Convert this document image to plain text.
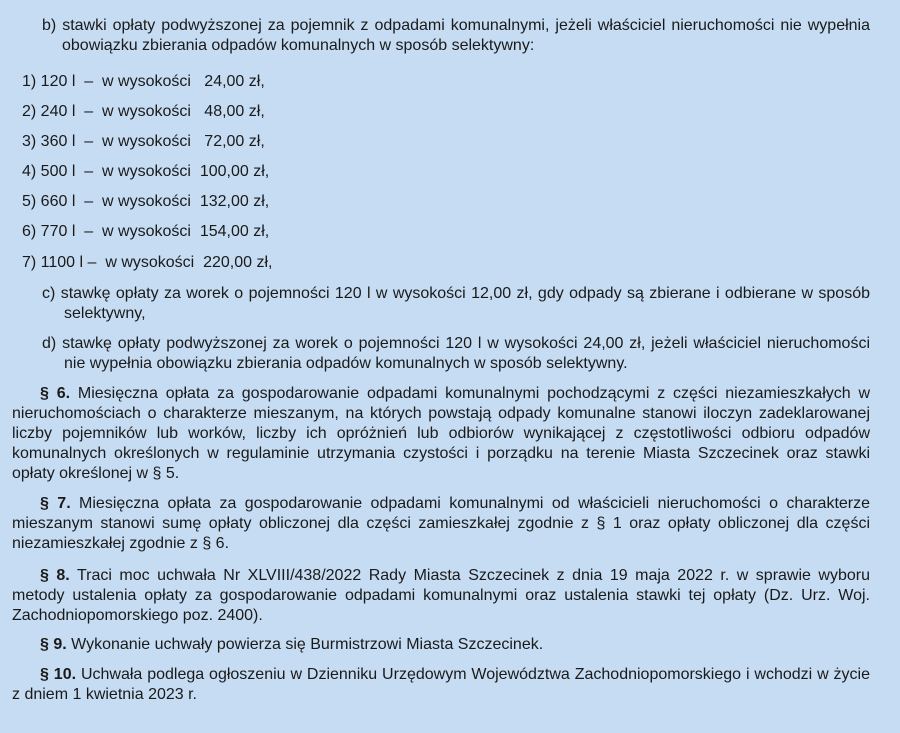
b) stawki opłaty podwyższonej za pojemnik z odpadami komunalnymi, jeżeli właściciel nieruchomości nie wypełnia obowiązku zbierania odpadów komunalnych w sposób selektywny:
1) 120 l  –  w wysokości   24,00 zł,
2) 240 l  –  w wysokości   48,00 zł,
3) 360 l  –  w wysokości   72,00 zł,
4) 500 l  –  w wysokości  100,00 zł,
5) 660 l  –  w wysokości  132,00 zł,
6) 770 l  –  w wysokości  154,00 zł,
7) 1100 l –  w wysokości  220,00 zł,
c) stawkę opłaty za worek o pojemności 120 l w wysokości 12,00 zł, gdy odpady są zbierane i odbierane w sposób selektywny,
d) stawkę opłaty podwyższonej za worek o pojemności 120 l w wysokości 24,00 zł, jeżeli właściciel nieruchomości nie wypełnia obowiązku zbierania odpadów komunalnych w sposób selektywny.
§ 6. Miesięczna opłata za gospodarowanie odpadami komunalnymi pochodzącymi z części niezamieszkałych w nieruchomościach o charakterze mieszanym, na których powstają odpady komunalne stanowi iloczyn zadeklarowanej liczby pojemników lub worków, liczby ich opróżnień lub odbiorów wynikającej z częstotliwości odbioru odpadów komunalnych określonych w regulaminie utrzymania czystości i porządku na terenie Miasta Szczecinek oraz stawki opłaty określonej w § 5.
§ 7. Miesięczna opłata za gospodarowanie odpadami komunalnymi od właścicieli nieruchomości o charakterze mieszanym stanowi sumę opłaty obliczonej dla części zamieszkałej zgodnie z § 1 oraz opłaty obliczonej dla części niezamieszkałej zgodnie z § 6.
§ 8. Traci moc uchwała Nr XLVIII/438/2022 Rady Miasta Szczecinek z dnia 19 maja 2022 r. w sprawie wyboru metody ustalenia opłaty za gospodarowanie odpadami komunalnymi oraz ustalenia stawki tej opłaty (Dz. Urz. Woj. Zachodniopomorskiego poz. 2400).
§ 9. Wykonanie uchwały powierza się Burmistrzowi Miasta Szczecinek.
§ 10. Uchwała podlega ogłoszeniu w Dzienniku Urzędowym Województwa Zachodniopomorskiego i wchodzi w życie z dniem 1 kwietnia 2023 r.
